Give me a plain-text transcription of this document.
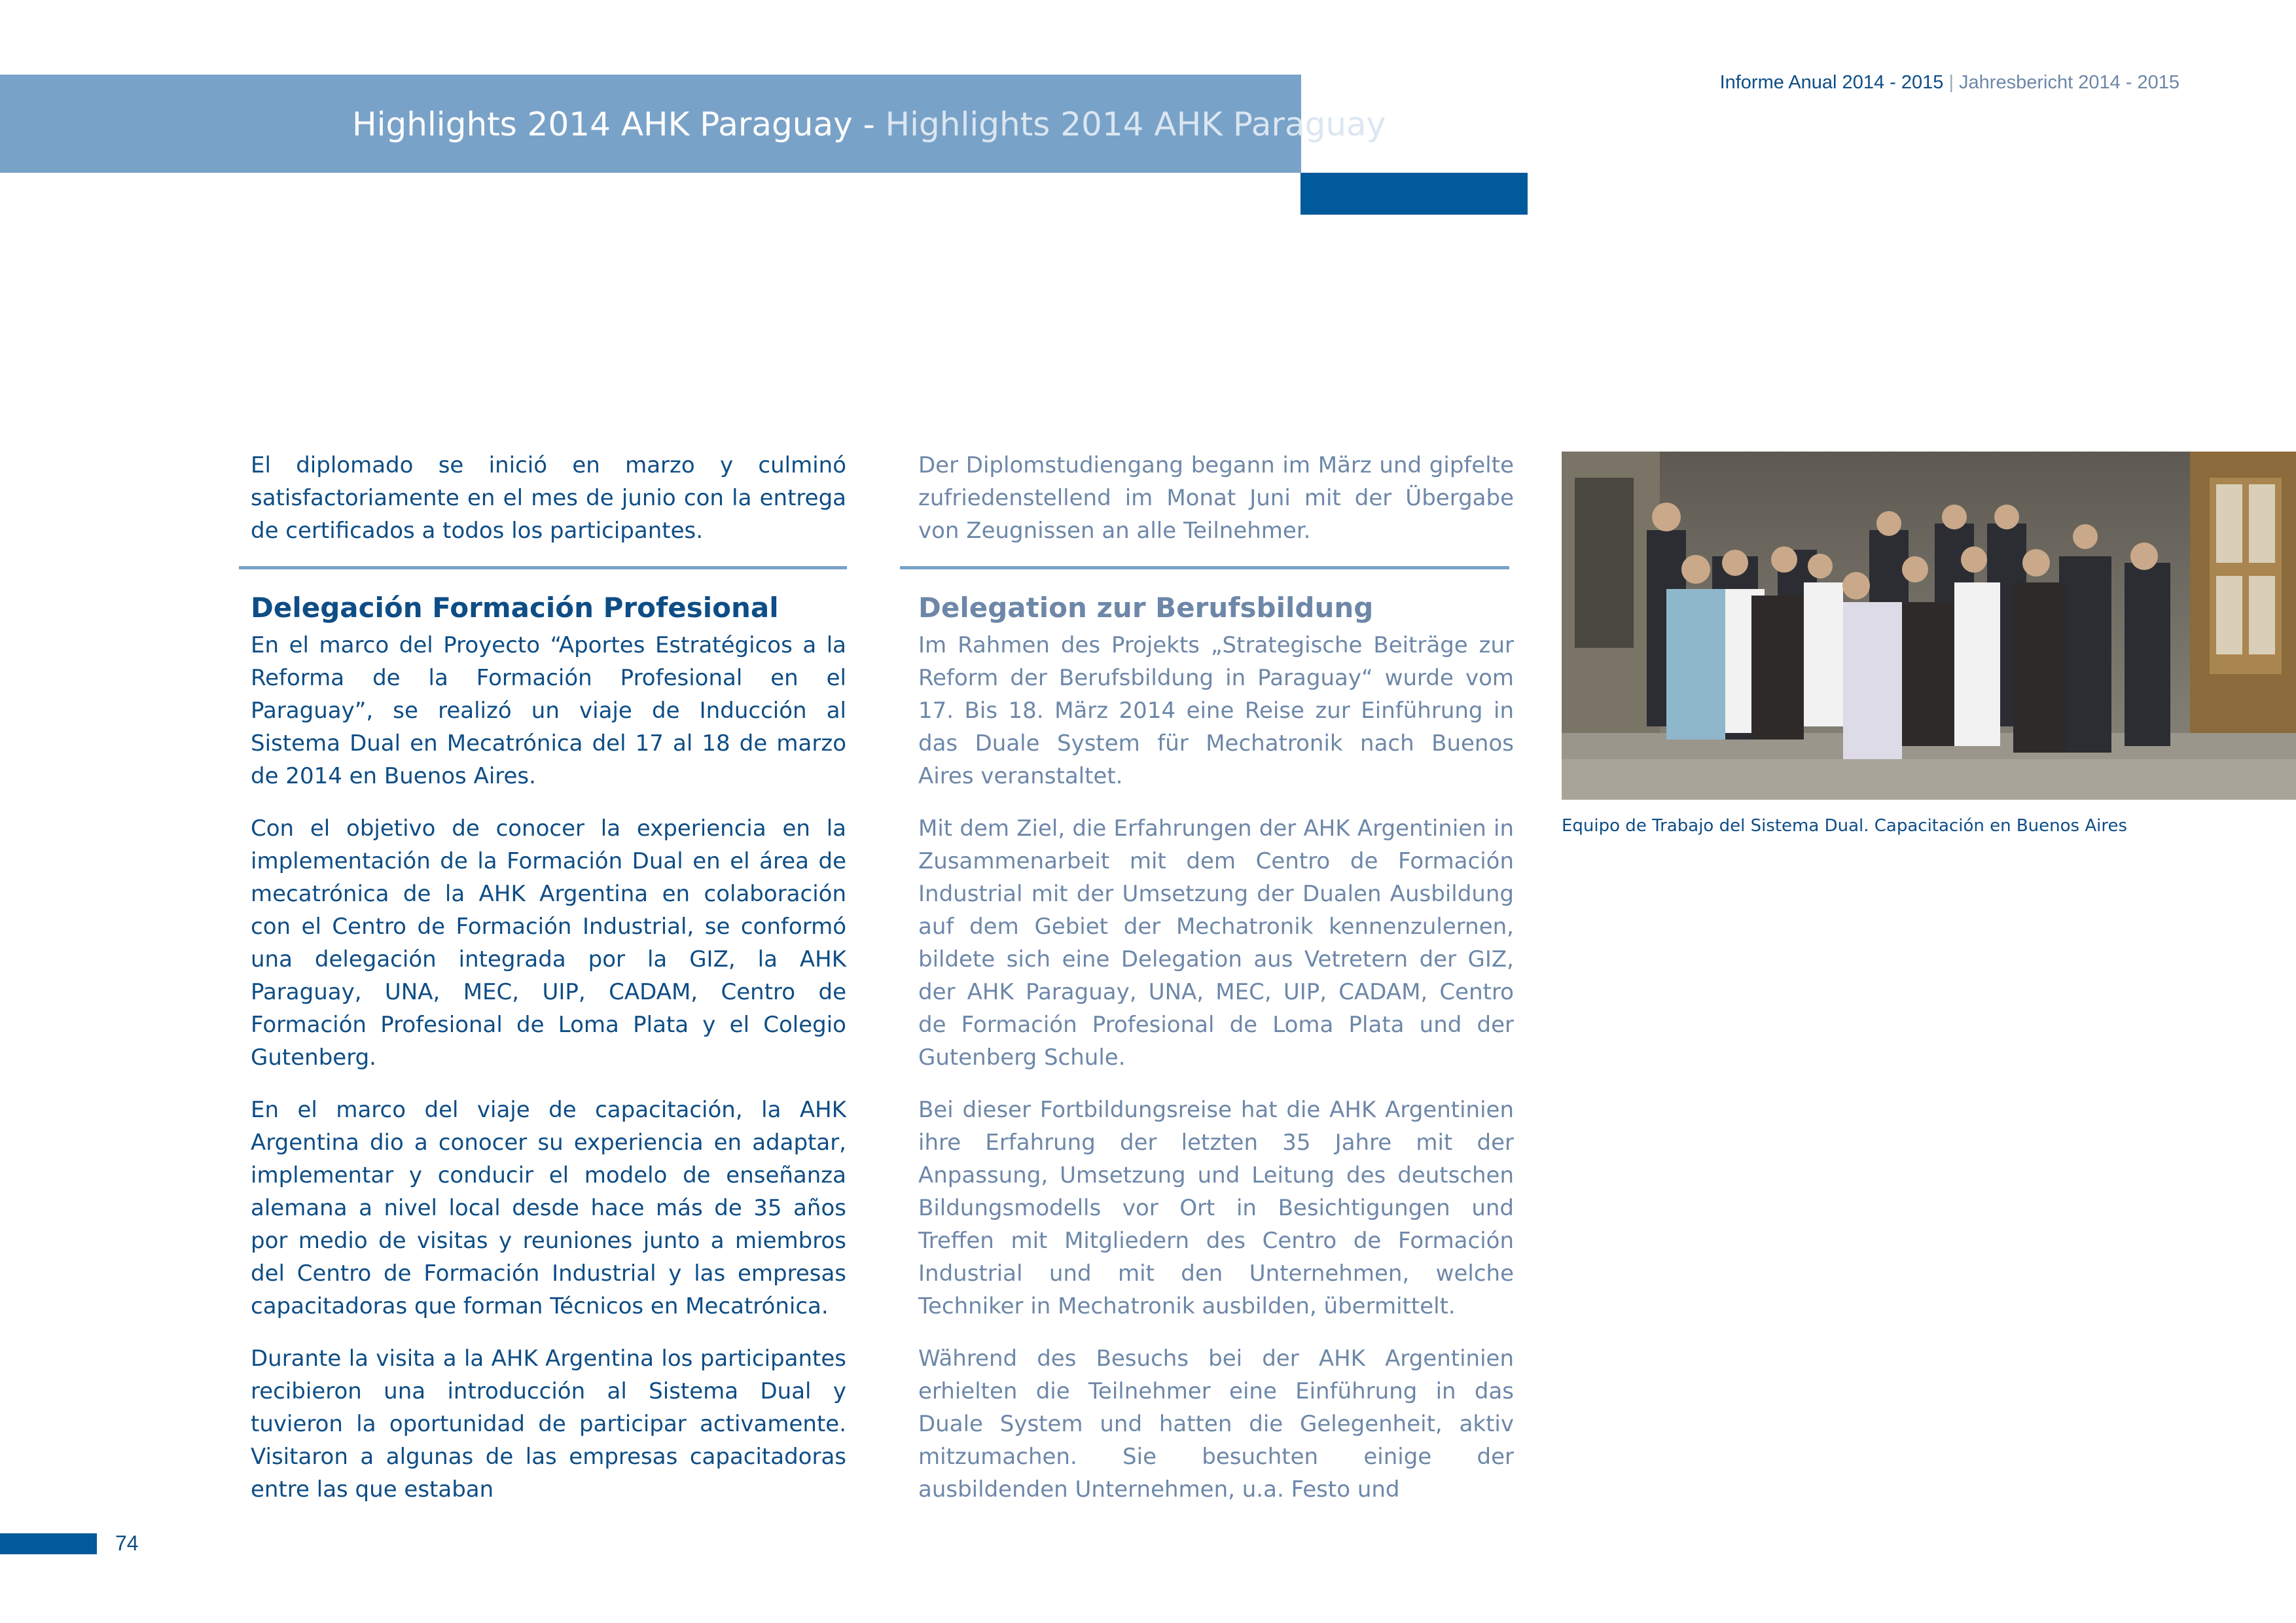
Highlights 2014 AHK Paraguay - Highlights 2014 AHK Paraguay
Informe Anual 2014 - 2015 | Jahresbericht 2014 - 2015

El diplomado se inició en marzo y culminó satisfactoriamente en el mes de junio con la entrega de certificados a todos los participantes.

Delegación Formación Profesional

En el marco del Proyecto “Aportes Estratégicos a la Reforma de la Formación Profesional en el Paraguay”, se realizó un viaje de Inducción al Sistema Dual en Mecatrónica del 17 al 18 de marzo de 2014 en Buenos Aires.

Con el objetivo de conocer la experiencia en la implementación de la Formación Dual en el área de mecatrónica de la AHK Argentina en colaboración con el Centro de Formación Industrial, se conformó una delegación integrada por la GIZ, la AHK Paraguay, UNA, MEC, UIP, CADAM, Centro de Formación Profesional de Loma Plata y el Colegio Gutenberg.

En el marco del viaje de capacitación, la AHK Argentina dio a conocer su experiencia en adaptar, implementar y conducir el modelo de enseñanza alemana a nivel local desde hace más de 35 años por medio de visitas y reuniones junto a miembros del Centro de Formación Industrial y las empresas capacitadoras que forman Técnicos en Mecatrónica.

Durante la visita a la AHK Argentina los participantes recibieron una introducción al Sistema Dual y tuvieron la oportunidad de participar activamente. Visitaron a algunas de las empresas capacitadoras entre las que estaban

Der Diplomstudiengang begann im März und gipfelte zufriedenstellend im Monat Juni mit der Übergabe von Zeugnissen an alle Teilnehmer.

Delegation zur Berufsbildung

Im Rahmen des Projekts „Strategische Beiträge zur Reform der Berufsbildung in Paraguay“ wurde vom 17. Bis 18. März 2014 eine Reise zur Einführung in das Duale System für Mechatronik nach Buenos Aires veranstaltet.

Mit dem Ziel, die Erfahrungen der AHK Argentinien in Zusammenarbeit mit dem Centro de Formación Industrial mit der Umsetzung der Dualen Ausbildung auf dem Gebiet der Mechatronik kennenzulernen, bildete sich eine Delegation aus Vetretern der GIZ, der AHK Paraguay, UNA, MEC, UIP, CADAM, Centro de Formación Profesional de Loma Plata und der Gutenberg Schule.

Bei dieser Fortbildungsreise hat die AHK Argentinien ihre Erfahrung der letzten 35 Jahre mit der Anpassung, Umsetzung und Leitung des deutschen Bildungsmodells vor Ort in Besichtigungen und Treffen mit Mitgliedern des Centro de Formación Industrial und mit den Unternehmen, welche Techniker in Mechatronik ausbilden, übermittelt.

Während des Besuchs bei der AHK Argentinien erhielten die Teilnehmer eine Einführung in das Duale System und hatten die Gelegenheit, aktiv mitzumachen. Sie besuchten einige der ausbildenden Unternehmen, u.a. Festo und

Equipo de Trabajo del Sistema Dual. Capacitación en Buenos Aires
74
